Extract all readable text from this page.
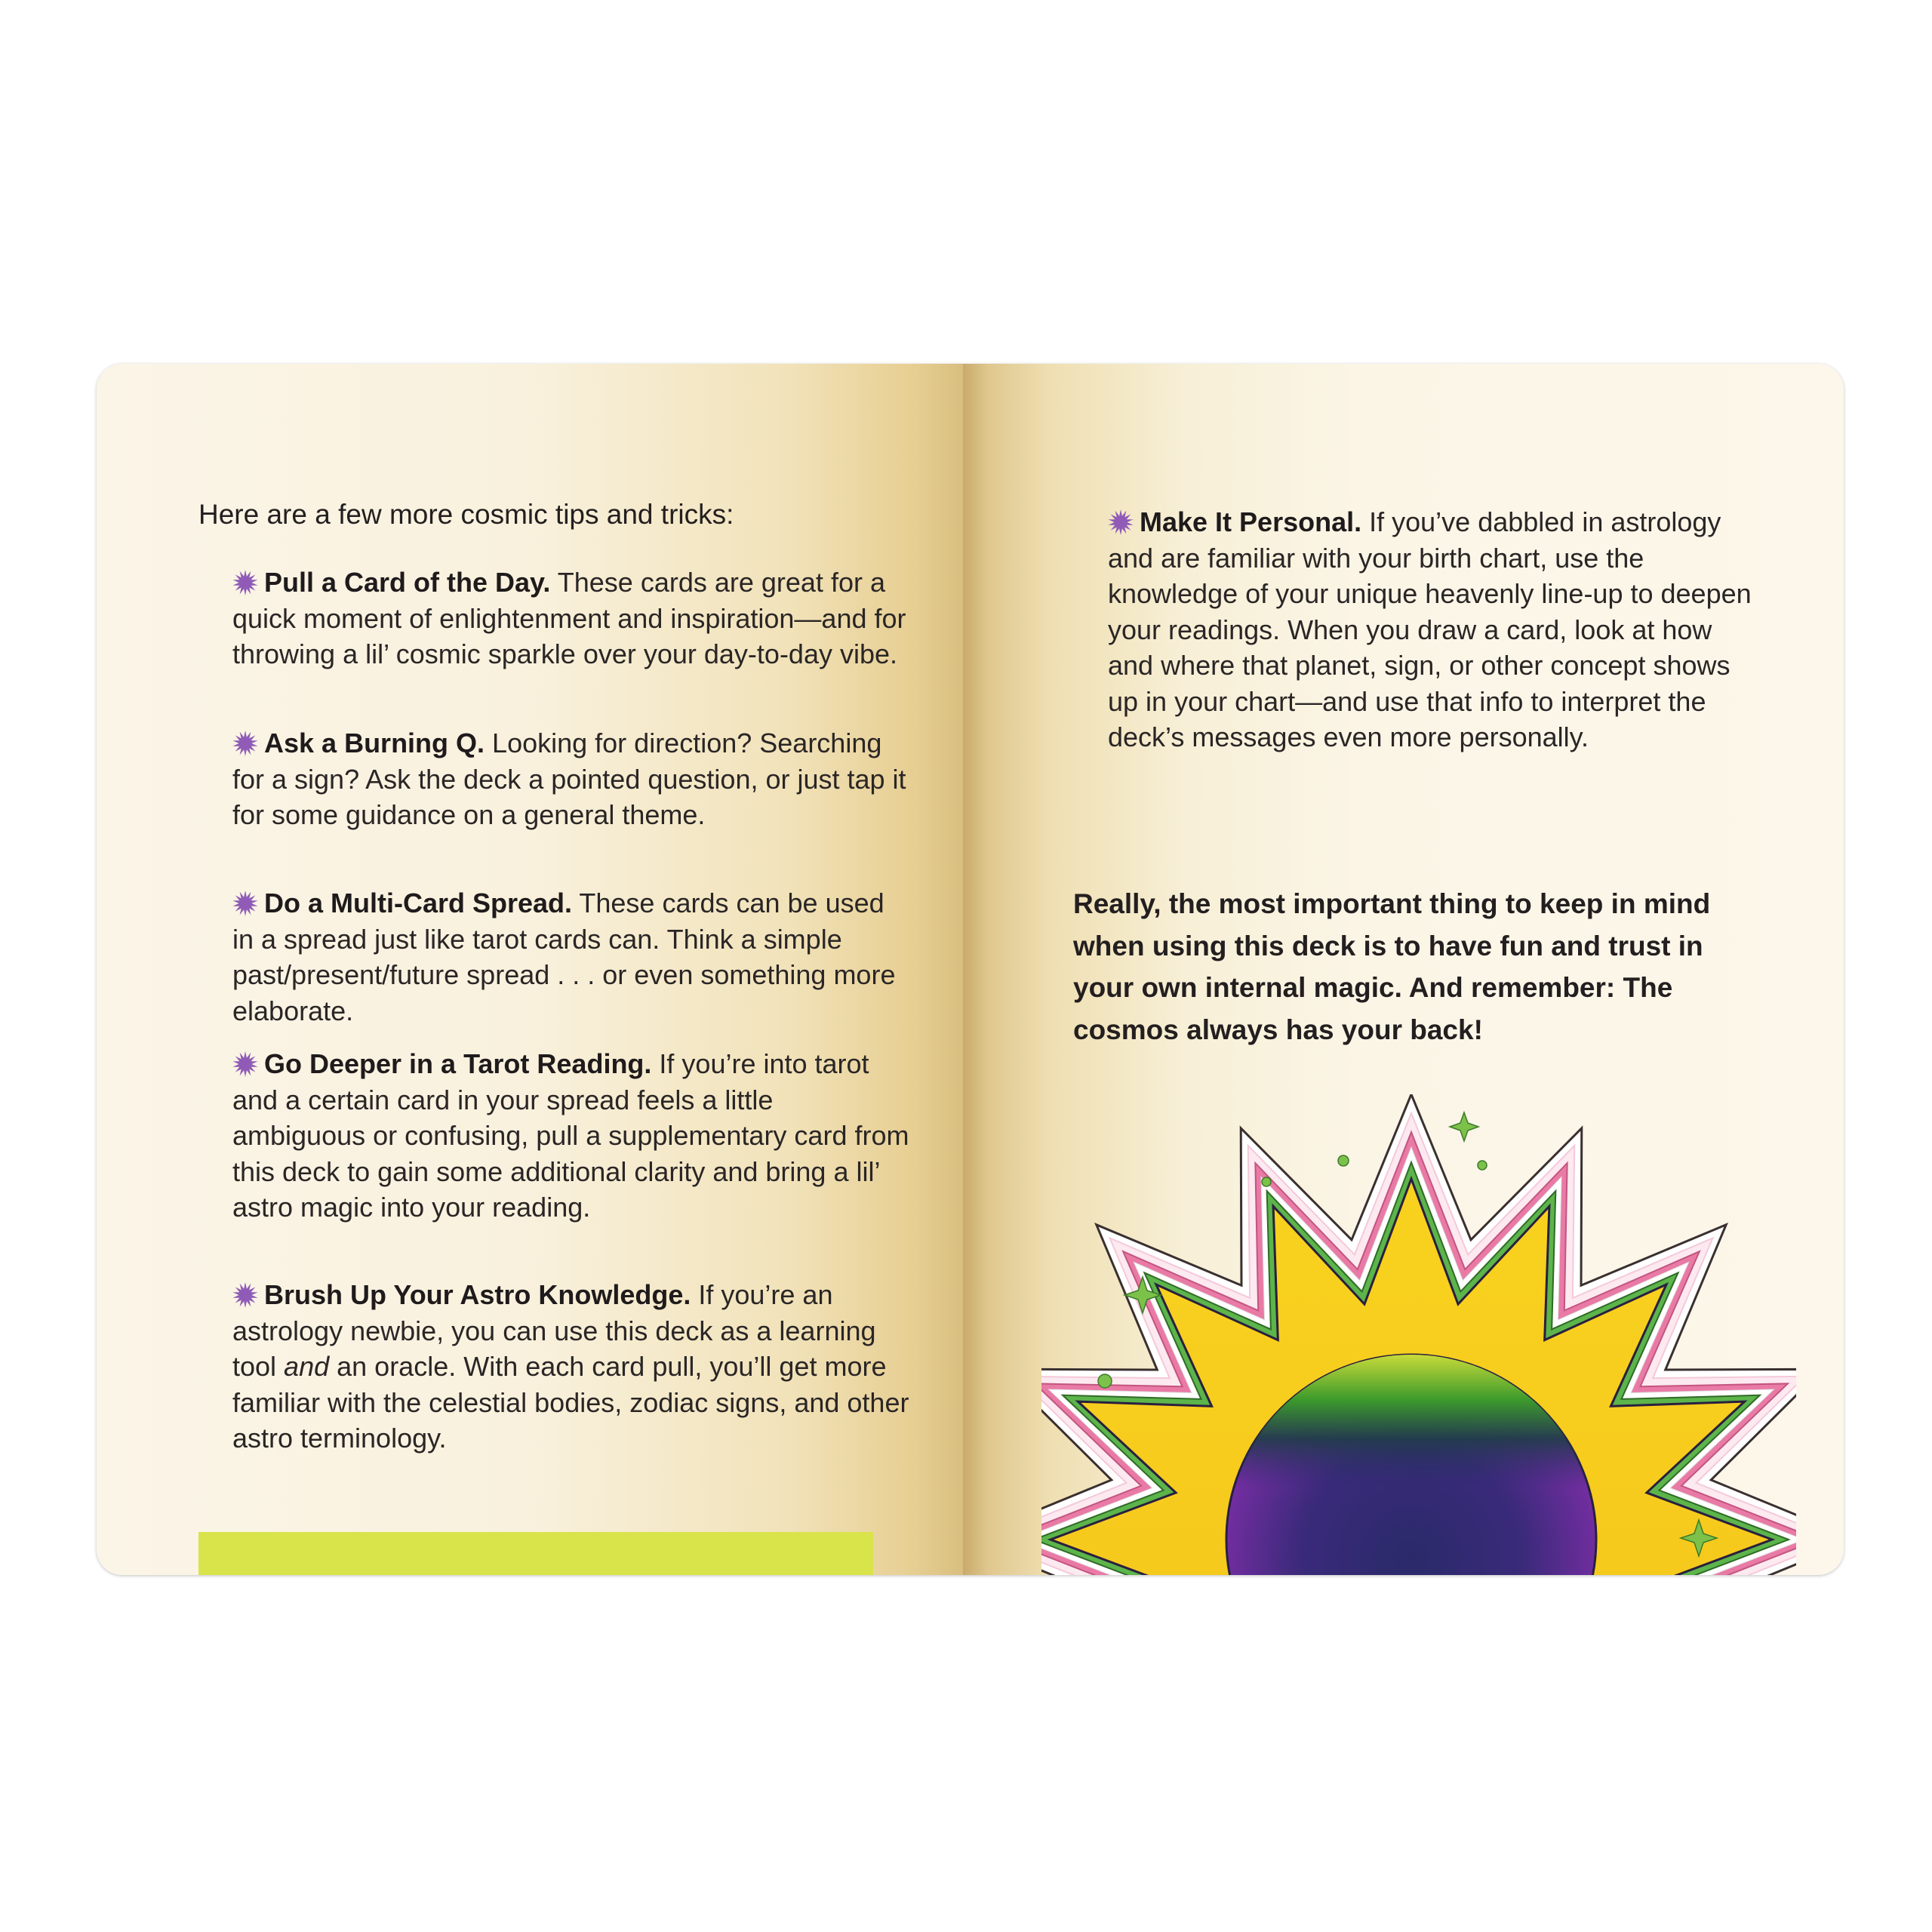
Here are a few more cosmic tips and tricks:
Pull a Card of the Day. These cards are great for a quick moment of enlightenment and inspiration—and for throwing a lil’ cosmic sparkle over your day-to-day vibe.
Ask a Burning Q. Looking for direction? Searching for a sign? Ask the deck a pointed question, or just tap it for some guidance on a general theme.
Do a Multi-Card Spread. These cards can be used in a spread just like tarot cards can. Think a simple past/present/future spread . . . or even something more elaborate.
Go Deeper in a Tarot Reading. If you’re into tarot and a certain card in your spread feels a little ambiguous or confusing, pull a supplementary card from this deck to gain some additional clarity and bring a lil’ astro magic into your reading.
Brush Up Your Astro Knowledge. If you’re an astrology newbie, you can use this deck as a learning tool and an oracle. With each card pull, you’ll get more familiar with the celestial bodies, zodiac signs, and other astro terminology.
Make It Personal. If you’ve dabbled in astrology and are familiar with your birth chart, use the knowledge of your unique heavenly line-up to deepen your readings. When you draw a card, look at how and where that planet, sign, or other concept shows up in your chart—and use that info to interpret the deck’s messages even more personally.
Really, the most important thing to keep in mind when using this deck is to have fun and trust in your own internal magic. And remember: The cosmos always has your back!
